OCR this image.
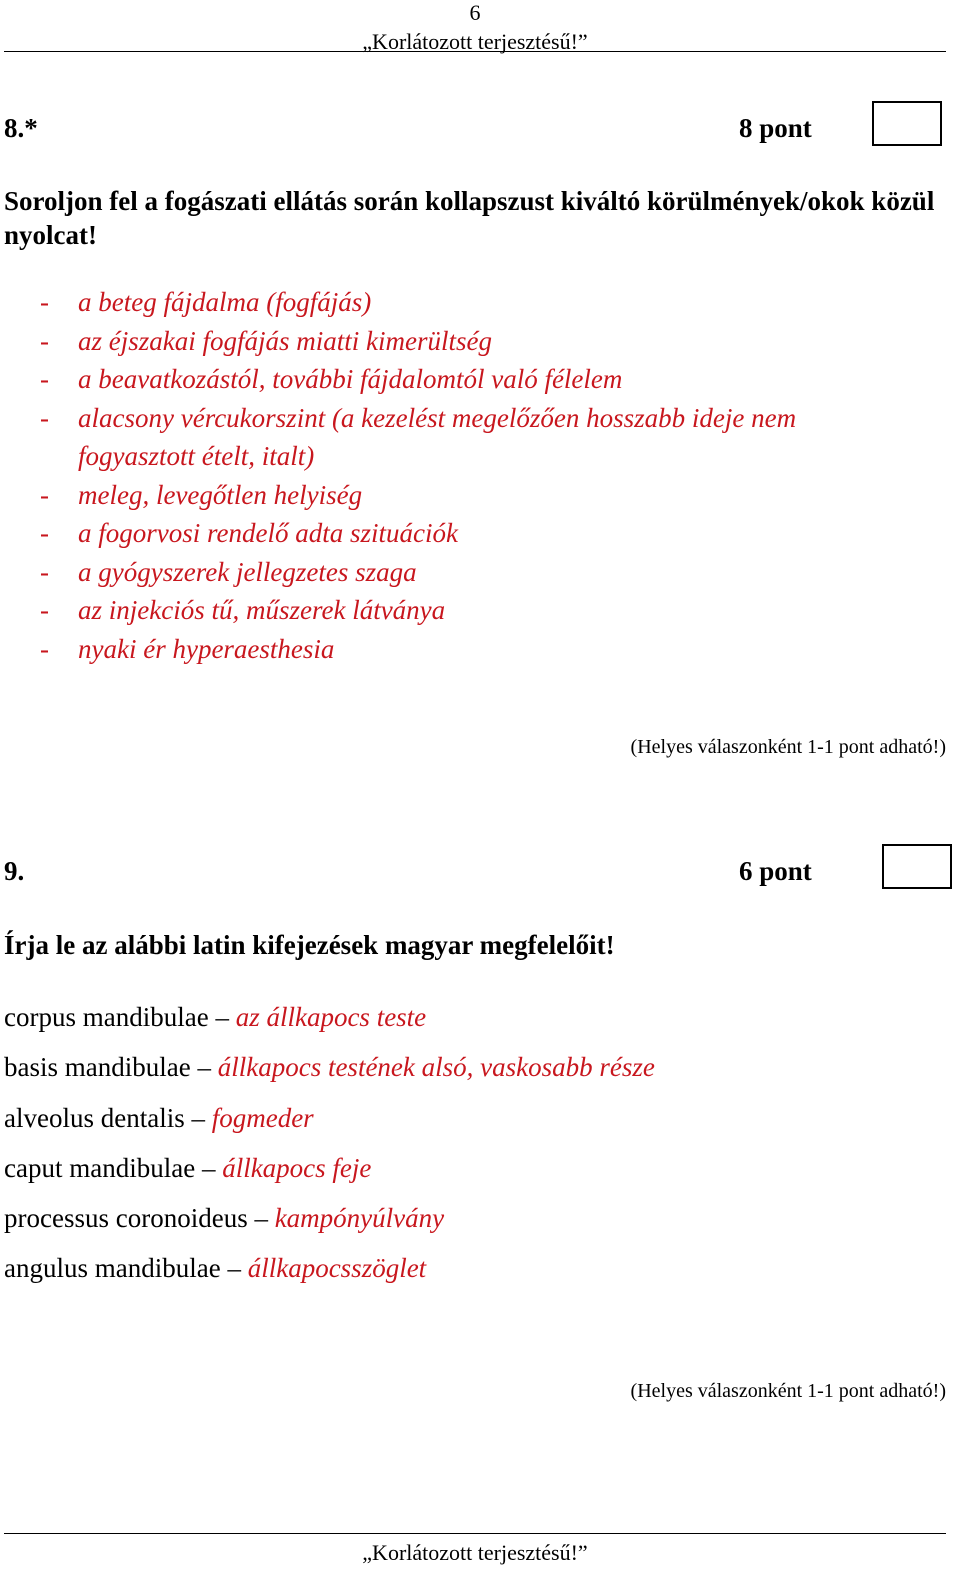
6
„Korlátozott terjesztésű!”
8.*	8 pont
Soroljon fel a fogászati ellátás során kollapszust kiváltó körülmények/okok közül nyolcat!
- a beteg fájdalma (fogfájás)
- az éjszakai fogfájás miatti kimerültség
- a beavatkozástól, további fájdalomtól való félelem
- alacsony vércukorszint (a kezelést megelőzően hosszabb ideje nem fogyasztott ételt, italt)
- meleg, levegőtlen helyiség
- a fogorvosi rendelő adta szituációk
- a gyógyszerek jellegzetes szaga
- az injekciós tű, műszerek látványa
- nyaki ér hyperaesthesia
(Helyes válaszonként 1-1 pont adható!)
9.	6 pont
Írja le az alábbi latin kifejezések magyar megfelelőit!
corpus mandibulae – az állkapocs teste
basis mandibulae – állkapocs testének alsó, vaskosabb része
alveolus dentalis – fogmeder
caput mandibulae – állkapocs feje
processus coronoideus – kampónyúlvány
angulus mandibulae – állkapocsszöglet
(Helyes válaszonként 1-1 pont adható!)
„Korlátozott terjesztésű!”
